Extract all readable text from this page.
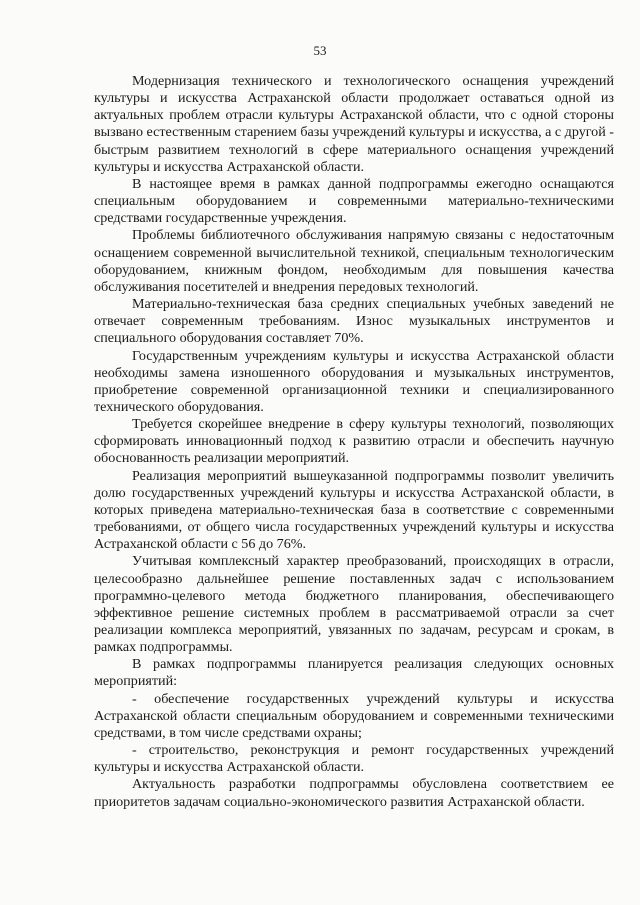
53

Модернизация технического и технологического оснащения учреждений культуры и искусства Астраханской области продолжает оставаться одной из актуальных проблем отрасли культуры Астраханской области, что с одной стороны вызвано естественным старением базы учреждений культуры и искусства, а с другой - быстрым развитием технологий в сфере материального оснащения учреждений культуры и искусства Астраханской области.

В настоящее время в рамках данной подпрограммы ежегодно оснащаются специальным оборудованием и современными материально-техническими средствами государственные учреждения.

Проблемы библиотечного обслуживания напрямую связаны с недостаточным оснащением современной вычислительной техникой, специальным технологическим оборудованием, книжным фондом, необходимым для повышения качества обслуживания посетителей и внедрения передовых технологий.

Материально-техническая база средних специальных учебных заведений не отвечает современным требованиям. Износ музыкальных инструментов и специального оборудования составляет 70%.

Государственным учреждениям культуры и искусства Астраханской области необходимы замена изношенного оборудования и музыкальных инструментов, приобретение современной организационной техники и специализированного технического оборудования.

Требуется скорейшее внедрение в сферу культуры технологий, позволяющих сформировать инновационный подход к развитию отрасли и обеспечить научную обоснованность реализации мероприятий.

Реализация мероприятий вышеуказанной подпрограммы позволит увеличить долю государственных учреждений культуры и искусства Астраханской области, в которых приведена материально-техническая база в соответствие с современными требованиями, от общего числа государственных учреждений культуры и искусства Астраханской области с 56 до 76%.

Учитывая комплексный характер преобразований, происходящих в отрасли, целесообразно дальнейшее решение поставленных задач с использованием программно-целевого метода бюджетного планирования, обеспечивающего эффективное решение системных проблем в рассматриваемой отрасли за счет реализации комплекса мероприятий, увязанных по задачам, ресурсам и срокам, в рамках подпрограммы.

В рамках подпрограммы планируется реализация следующих основных мероприятий:

- обеспечение государственных учреждений культуры и искусства Астраханской области специальным оборудованием и современными техническими средствами, в том числе средствами охраны;

- строительство, реконструкция и ремонт государственных учреждений культуры и искусства Астраханской области.

Актуальность разработки подпрограммы обусловлена соответствием ее приоритетов задачам социально-экономического развития Астраханской области.
